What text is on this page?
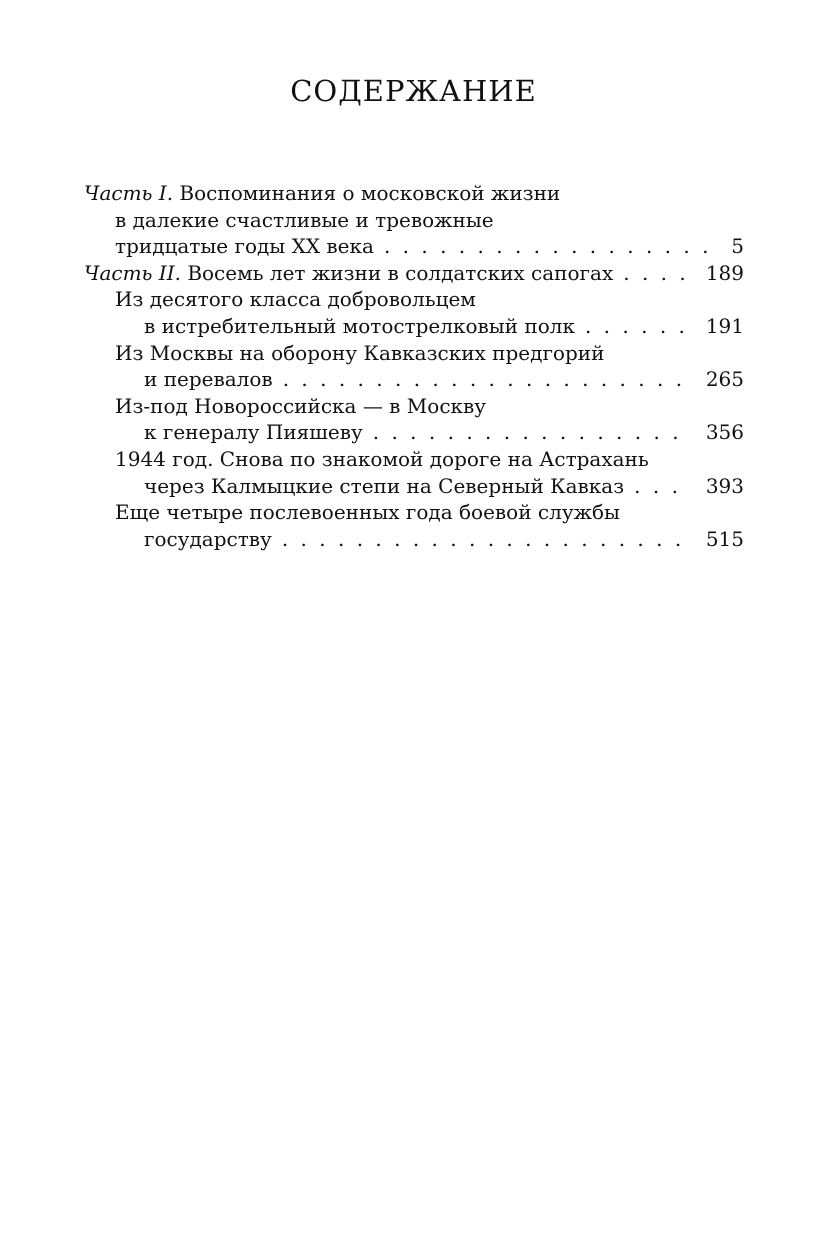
СОДЕРЖАНИЕ
Часть I.
Воспоминания о московской жизни
в далекие счастливые и тревожные
тридцатые годы XX века . . .	5
Часть II.
Восемь лет жизни в солдатских сапогах . . .	189
Из десятого класса добровольцем
в истребительный мотострелковый полк . . .	191
Из Москвы на оборону Кавказских предгорий
и перевалов . . .	265
Из-под Новороссийска — в Москву
к генералу Пияшеву . . .	356
1944 год. Снова по знакомой дороге на Астрахань
через Калмыцкие степи на Северный Кавказ . . .	393
Еще четыре послевоенных года боевой службы
государству . . .	515
